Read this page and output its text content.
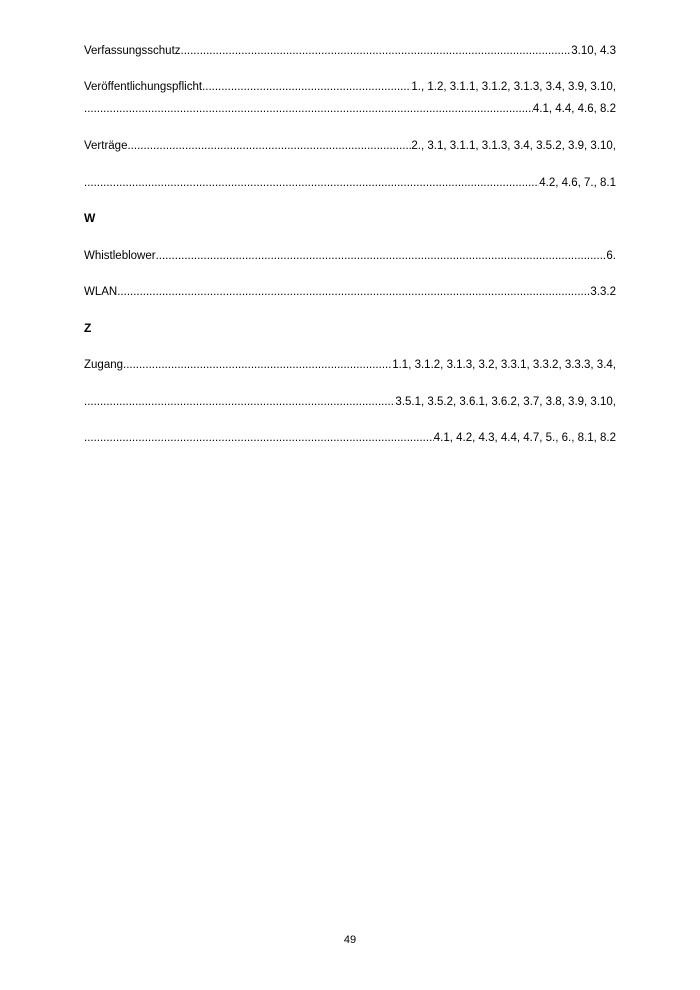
Verfassungsschutz .....	3.10, 4.3
Veröffentlichungspflicht .....	1., 1.2, 3.1.1, 3.1.2, 3.1.3, 3.4, 3.9, 3.10,
.....
4.1, 4.4, 4.6, 8.2
Verträge .....	2., 3.1, 3.1.1, 3.1.3, 3.4, 3.5.2, 3.9, 3.10,
.....
4.2, 4.6, 7., 8.1
W
Whistleblower .....	6.
WLAN .....	3.3.2
Z
Zugang .....	1.1, 3.1.2, 3.1.3, 3.2, 3.3.1, 3.3.2, 3.3.3, 3.4,
.....
3.5.1, 3.5.2, 3.6.1, 3.6.2, 3.7, 3.8, 3.9, 3.10,
.....
4.1, 4.2, 4.3, 4.4, 4.7, 5., 6., 8.1, 8.2
49
